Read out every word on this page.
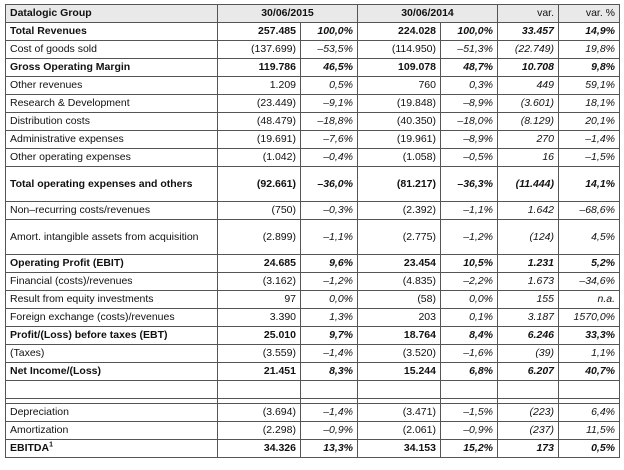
Datalogic Group	30/06/2015		30/06/2014		var.	var. %
Total Revenues	257.485	100,0%	224.028	100,0%	33.457	14,9%
Cost of goods sold	(137.699)	–53,5%	(114.950)	–51,3%	(22.749)	19,8%
Gross Operating Margin	119.786	46,5%	109.078	48,7%	10.708	9,8%
Other revenues	1.209	0,5%	760	0,3%	449	59,1%
Research & Development	(23.449)	–9,1%	(19.848)	–8,9%	(3.601)	18,1%
Distribution costs	(48.479)	–18,8%	(40.350)	–18,0%	(8.129)	20,1%
Administrative expenses	(19.691)	–7,6%	(19.961)	–8,9%	270	–1,4%
Other operating expenses	(1.042)	–0,4%	(1.058)	–0,5%	16	–1,5%
Total operating expenses and others	(92.661)	–36,0%	(81.217)	–36,3%	(11.444)	14,1%
Non–recurring costs/revenues	(750)	–0,3%	(2.392)	–1,1%	1.642	–68,6%
Amort. intangible assets from acquisition	(2.899)	–1,1%	(2.775)	–1,2%	(124)	4,5%
Operating Profit (EBIT)	24.685	9,6%	23.454	10,5%	1.231	5,2%
Financial (costs)/revenues	(3.162)	–1,2%	(4.835)	–2,2%	1.673	–34,6%
Result from equity investments	97	0,0%	(58)	0,0%	155	n.a.
Foreign exchange (costs)/revenues	3.390	1,3%	203	0,1%	3.187	1570,0%
Profit/(Loss) before taxes (EBT)	25.010	9,7%	18.764	8,4%	6.246	33,3%
(Taxes)	(3.559)	–1,4%	(3.520)	–1,6%	(39)	1,1%
Net Income/(Loss)	21.451	8,3%	15.244	6,8%	6.207	40,7%

Depreciation	(3.694)	–1,4%	(3.471)	–1,5%	(223)	6,4%
Amortization	(2.298)	–0,9%	(2.061)	–0,9%	(237)	11,5%
EBITDA$^1$	34.326	13,3%	34.153	15,2%	173	0,5%
